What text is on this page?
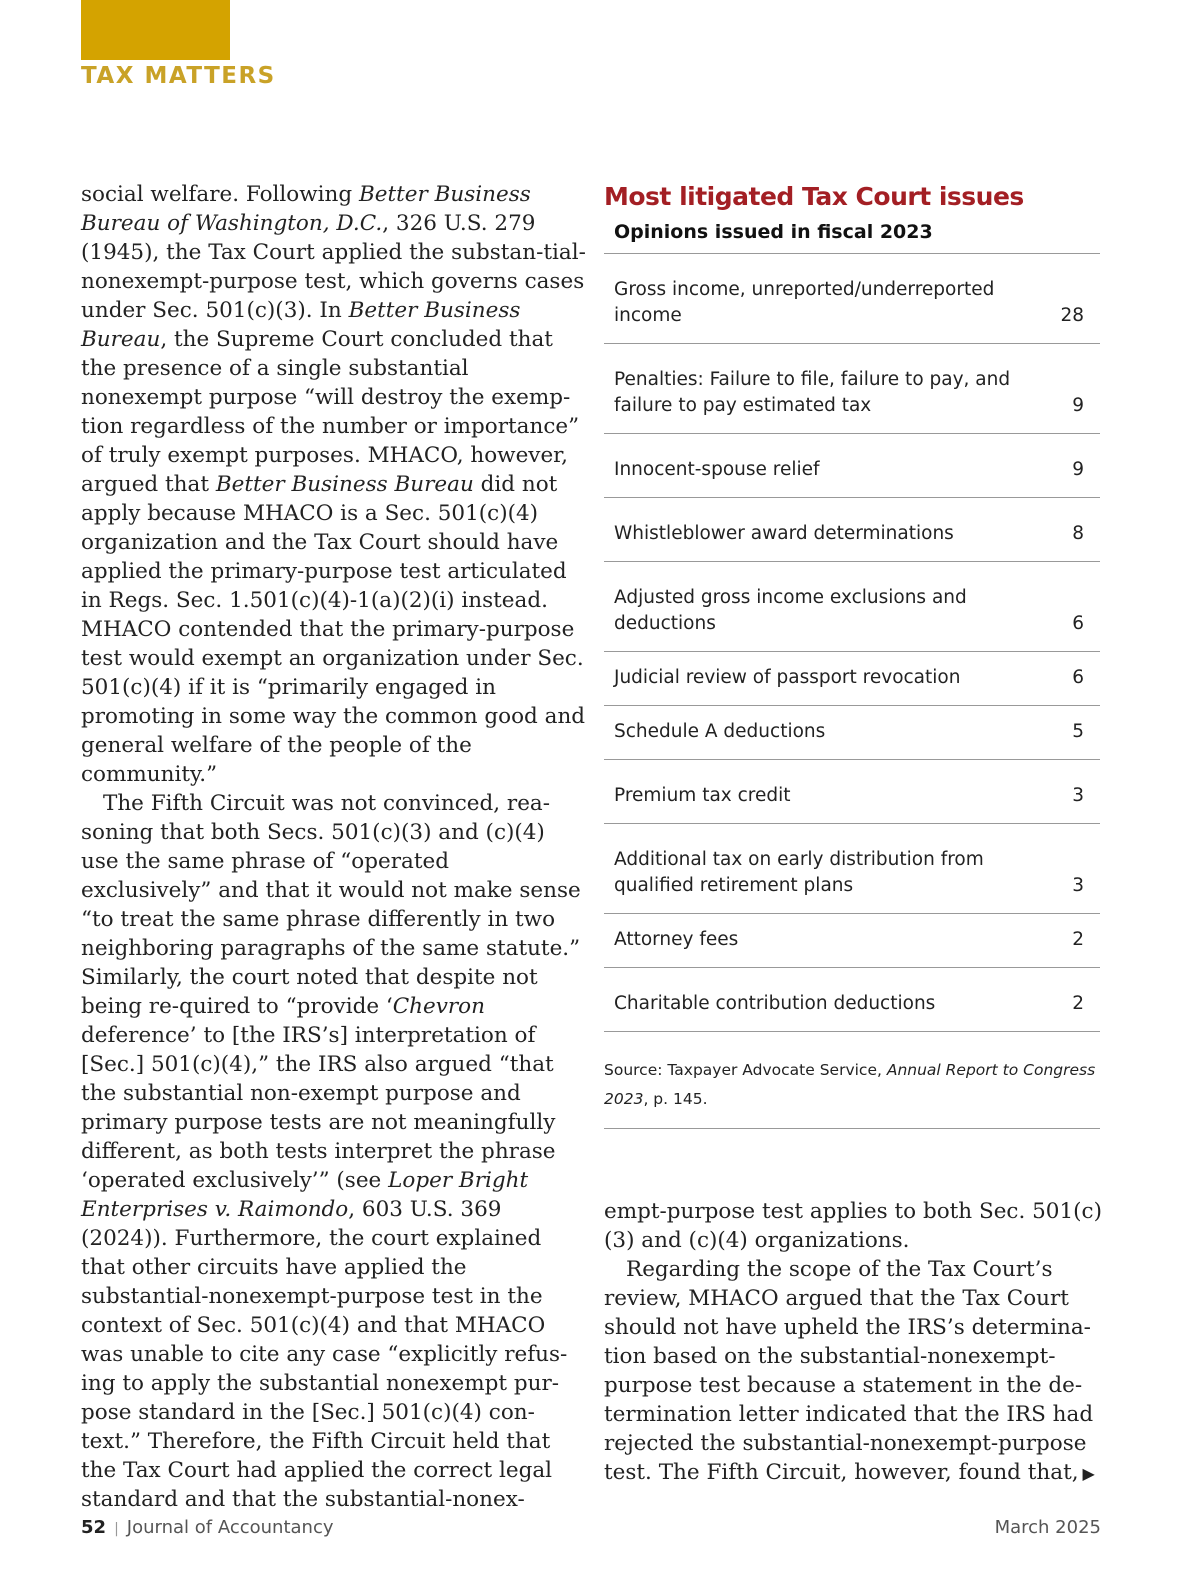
TAX MATTERS

social welfare. Following Better Business Bureau of Washington, D.C., 326 U.S. 279 (1945), the Tax Court applied the substan-tial-nonexempt-purpose test, which governs cases under Sec. 501(c)(3). In Better Business Bureau, the Supreme Court concluded that the presence of a single substantial nonexempt purpose “will destroy the exemp-tion regardless of the number or importance” of truly exempt purposes. MHACO, however, argued that Better Business Bureau did not apply because MHACO is a Sec. 501(c)(4) organization and the Tax Court should have applied the primary-purpose test articulated in Regs. Sec. 1.501(c)(4)-1(a)(2)(i) instead. MHACO contended that the primary-purpose test would exempt an organization under Sec. 501(c)(4) if it is “primarily engaged in promoting in some way the common good and general welfare of the people of the community.”

The Fifth Circuit was not convinced, rea-soning that both Secs. 501(c)(3) and (c)(4) use the same phrase of “operated exclusively” and that it would not make sense “to treat the same phrase differently in two neighboring paragraphs of the same statute.” Similarly, the court noted that despite not being re-quired to “provide ‘Chevron deference’ to [the IRS’s] interpretation of [Sec.] 501(c)(4),” the IRS also argued “that the substantial non-exempt purpose and primary purpose tests are not meaningfully different, as both tests interpret the phrase ‘operated exclusively’” (see Loper Bright Enterprises v. Raimondo, 603 U.S. 369 (2024)). Furthermore, the court explained that other circuits have applied the substantial-nonexempt-purpose test in the context of Sec. 501(c)(4) and that MHACO was unable to cite any case “explicitly refus-ing to apply the substantial nonexempt pur-pose standard in the [Sec.] 501(c)(4) con-text.” Therefore, the Fifth Circuit held that the Tax Court had applied the correct legal standard and that the substantial-nonex-

Most litigated Tax Court issues
Opinions issued in fiscal 2023
Gross income, unreported/underreported income	28
Penalties: Failure to file, failure to pay, and failure to pay estimated tax	9
Innocent-spouse relief	9
Whistleblower award determinations	8
Adjusted gross income exclusions and deductions	6
Judicial review of passport revocation	6
Schedule A deductions	5
Premium tax credit	3
Additional tax on early distribution from qualified retirement plans	3
Attorney fees	2
Charitable contribution deductions	2
Source: Taxpayer Advocate Service, Annual Report to Congress 2023, p. 145.

empt-purpose test applies to both Sec. 501(c) (3) and (c)(4) organizations.

Regarding the scope of the Tax Court’s review, MHACO argued that the Tax Court should not have upheld the IRS’s determina-tion based on the substantial-nonexempt-purpose test because a statement in the de-termination letter indicated that the IRS had rejected the substantial-nonexempt-purpose test. The Fifth Circuit, however, found that, ▶

52 | Journal of Accountancy	March 2025
